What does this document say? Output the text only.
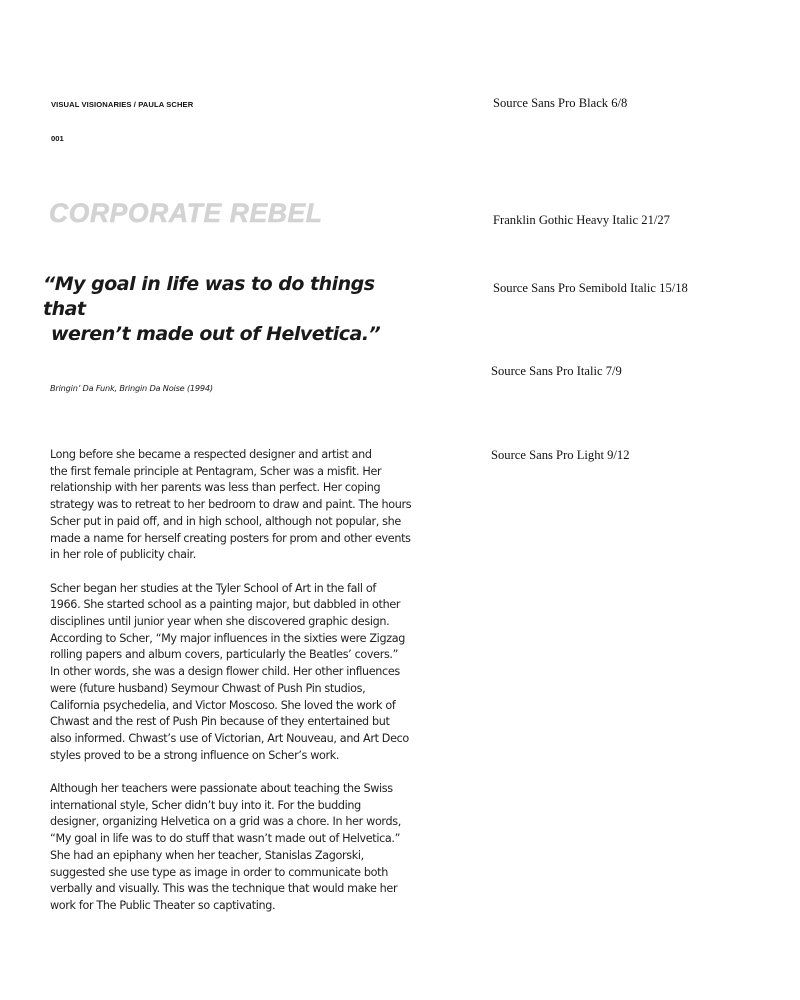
VISUAL VISIONARIES / PAULA SCHER
001
CORPORATE REBEL
“My goal in life was to do things that
weren’t made out of Helvetica.”
Bringin’ Da Funk, Bringin Da Noise (1994)

Long before she became a respected designer and artist and
the first female principle at Pentagram, Scher was a misfit. Her
relationship with her parents was less than perfect. Her coping
strategy was to retreat to her bedroom to draw and paint. The hours
Scher put in paid off, and in high school, although not popular, she
made a name for herself creating posters for prom and other events
in her role of publicity chair.

Scher began her studies at the Tyler School of Art in the fall of
1966. She started school as a painting major, but dabbled in other
disciplines until junior year when she discovered graphic design.
According to Scher, “My major influences in the sixties were Zigzag
rolling papers and album covers, particularly the Beatles’ covers.”
In other words, she was a design flower child. Her other influences
were (future husband) Seymour Chwast of Push Pin studios,
California psychedelia, and Victor Moscoso. She loved the work of
Chwast and the rest of Push Pin because of they entertained but
also informed. Chwast’s use of Victorian, Art Nouveau, and Art Deco
styles proved to be a strong influence on Scher’s work.

Although her teachers were passionate about teaching the Swiss
international style, Scher didn’t buy into it. For the budding
designer, organizing Helvetica on a grid was a chore. In her words,
“My goal in life was to do stuff that wasn’t made out of Helvetica.”
She had an epiphany when her teacher, Stanislas Zagorski,
suggested she use type as image in order to communicate both
verbally and visually. This was the technique that would make her
work for The Public Theater so captivating.

Source Sans Pro Black 6/8
Franklin Gothic Heavy Italic 21/27
Source Sans Pro Semibold Italic 15/18
Source Sans Pro Italic 7/9
Source Sans Pro Light 9/12
